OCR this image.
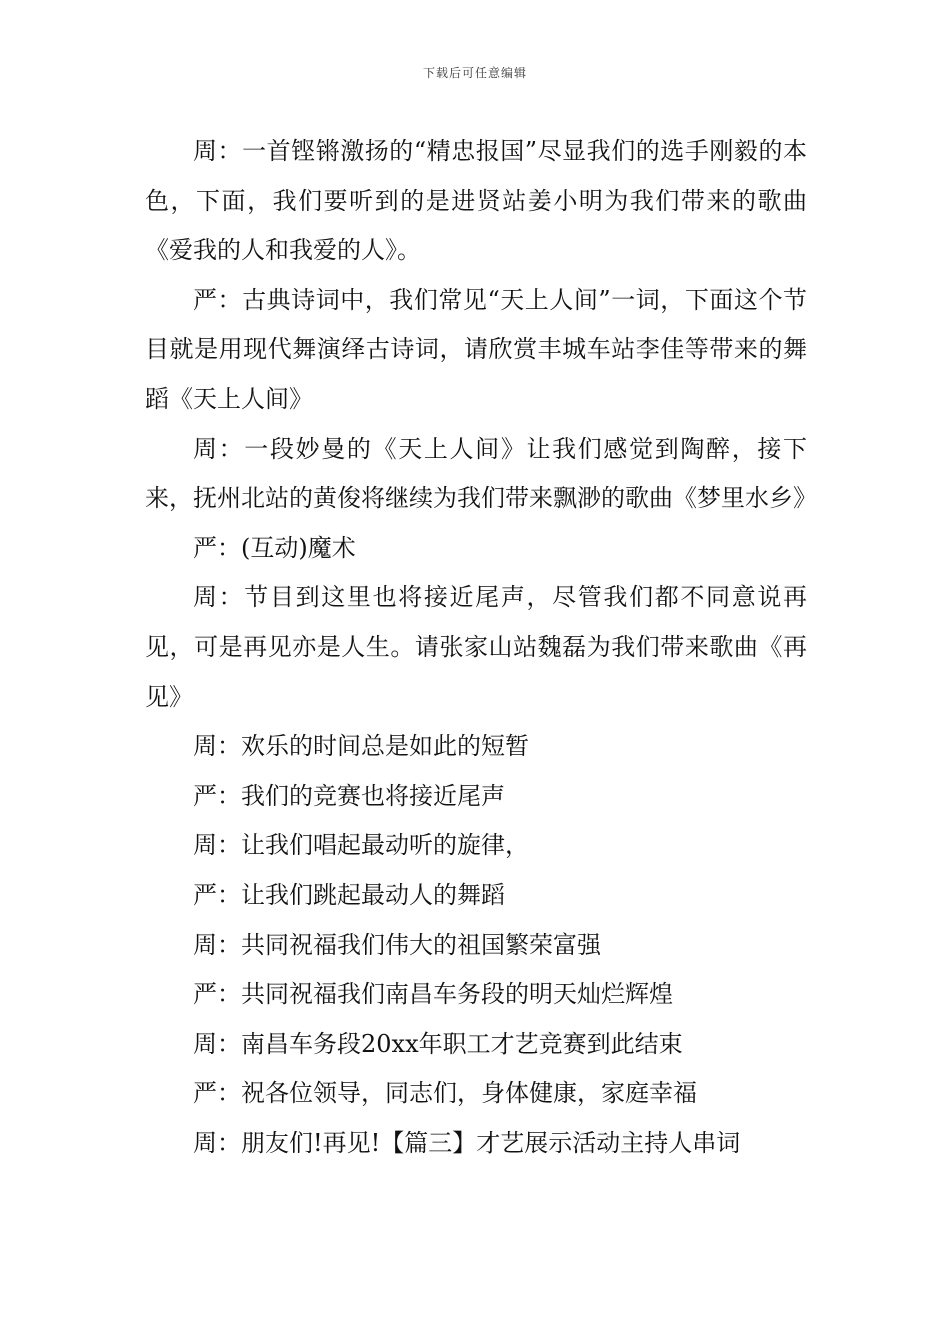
下载后可任意编辑

周：一首铿锵激扬的“精忠报国”尽显我们的选手刚毅的本色，下面，我们要听到的是进贤站姜小明为我们带来的歌曲《爱我的人和我爱的人》。

严：古典诗词中，我们常见“天上人间”一词，下面这个节目就是用现代舞演绎古诗词，请欣赏丰城车站李佳等带来的舞蹈《天上人间》

周：一段妙曼的《天上人间》让我们感觉到陶醉，接下来，抚州北站的黄俊将继续为我们带来飘渺的歌曲《梦里水乡》

严：(互动)魔术

周：节目到这里也将接近尾声，尽管我们都不同意说再见，可是再见亦是人生。请张家山站魏磊为我们带来歌曲《再见》

周：欢乐的时间总是如此的短暂

严：我们的竞赛也将接近尾声

周：让我们唱起最动听的旋律，

严：让我们跳起最动人的舞蹈

周：共同祝福我们伟大的祖国繁荣富强

严：共同祝福我们南昌车务段的明天灿烂辉煌

周：南昌车务段20xx年职工才艺竞赛到此结束

严：祝各位领导，同志们，身体健康，家庭幸福

周：朋友们!再见!【篇三】才艺展示活动主持人串词
